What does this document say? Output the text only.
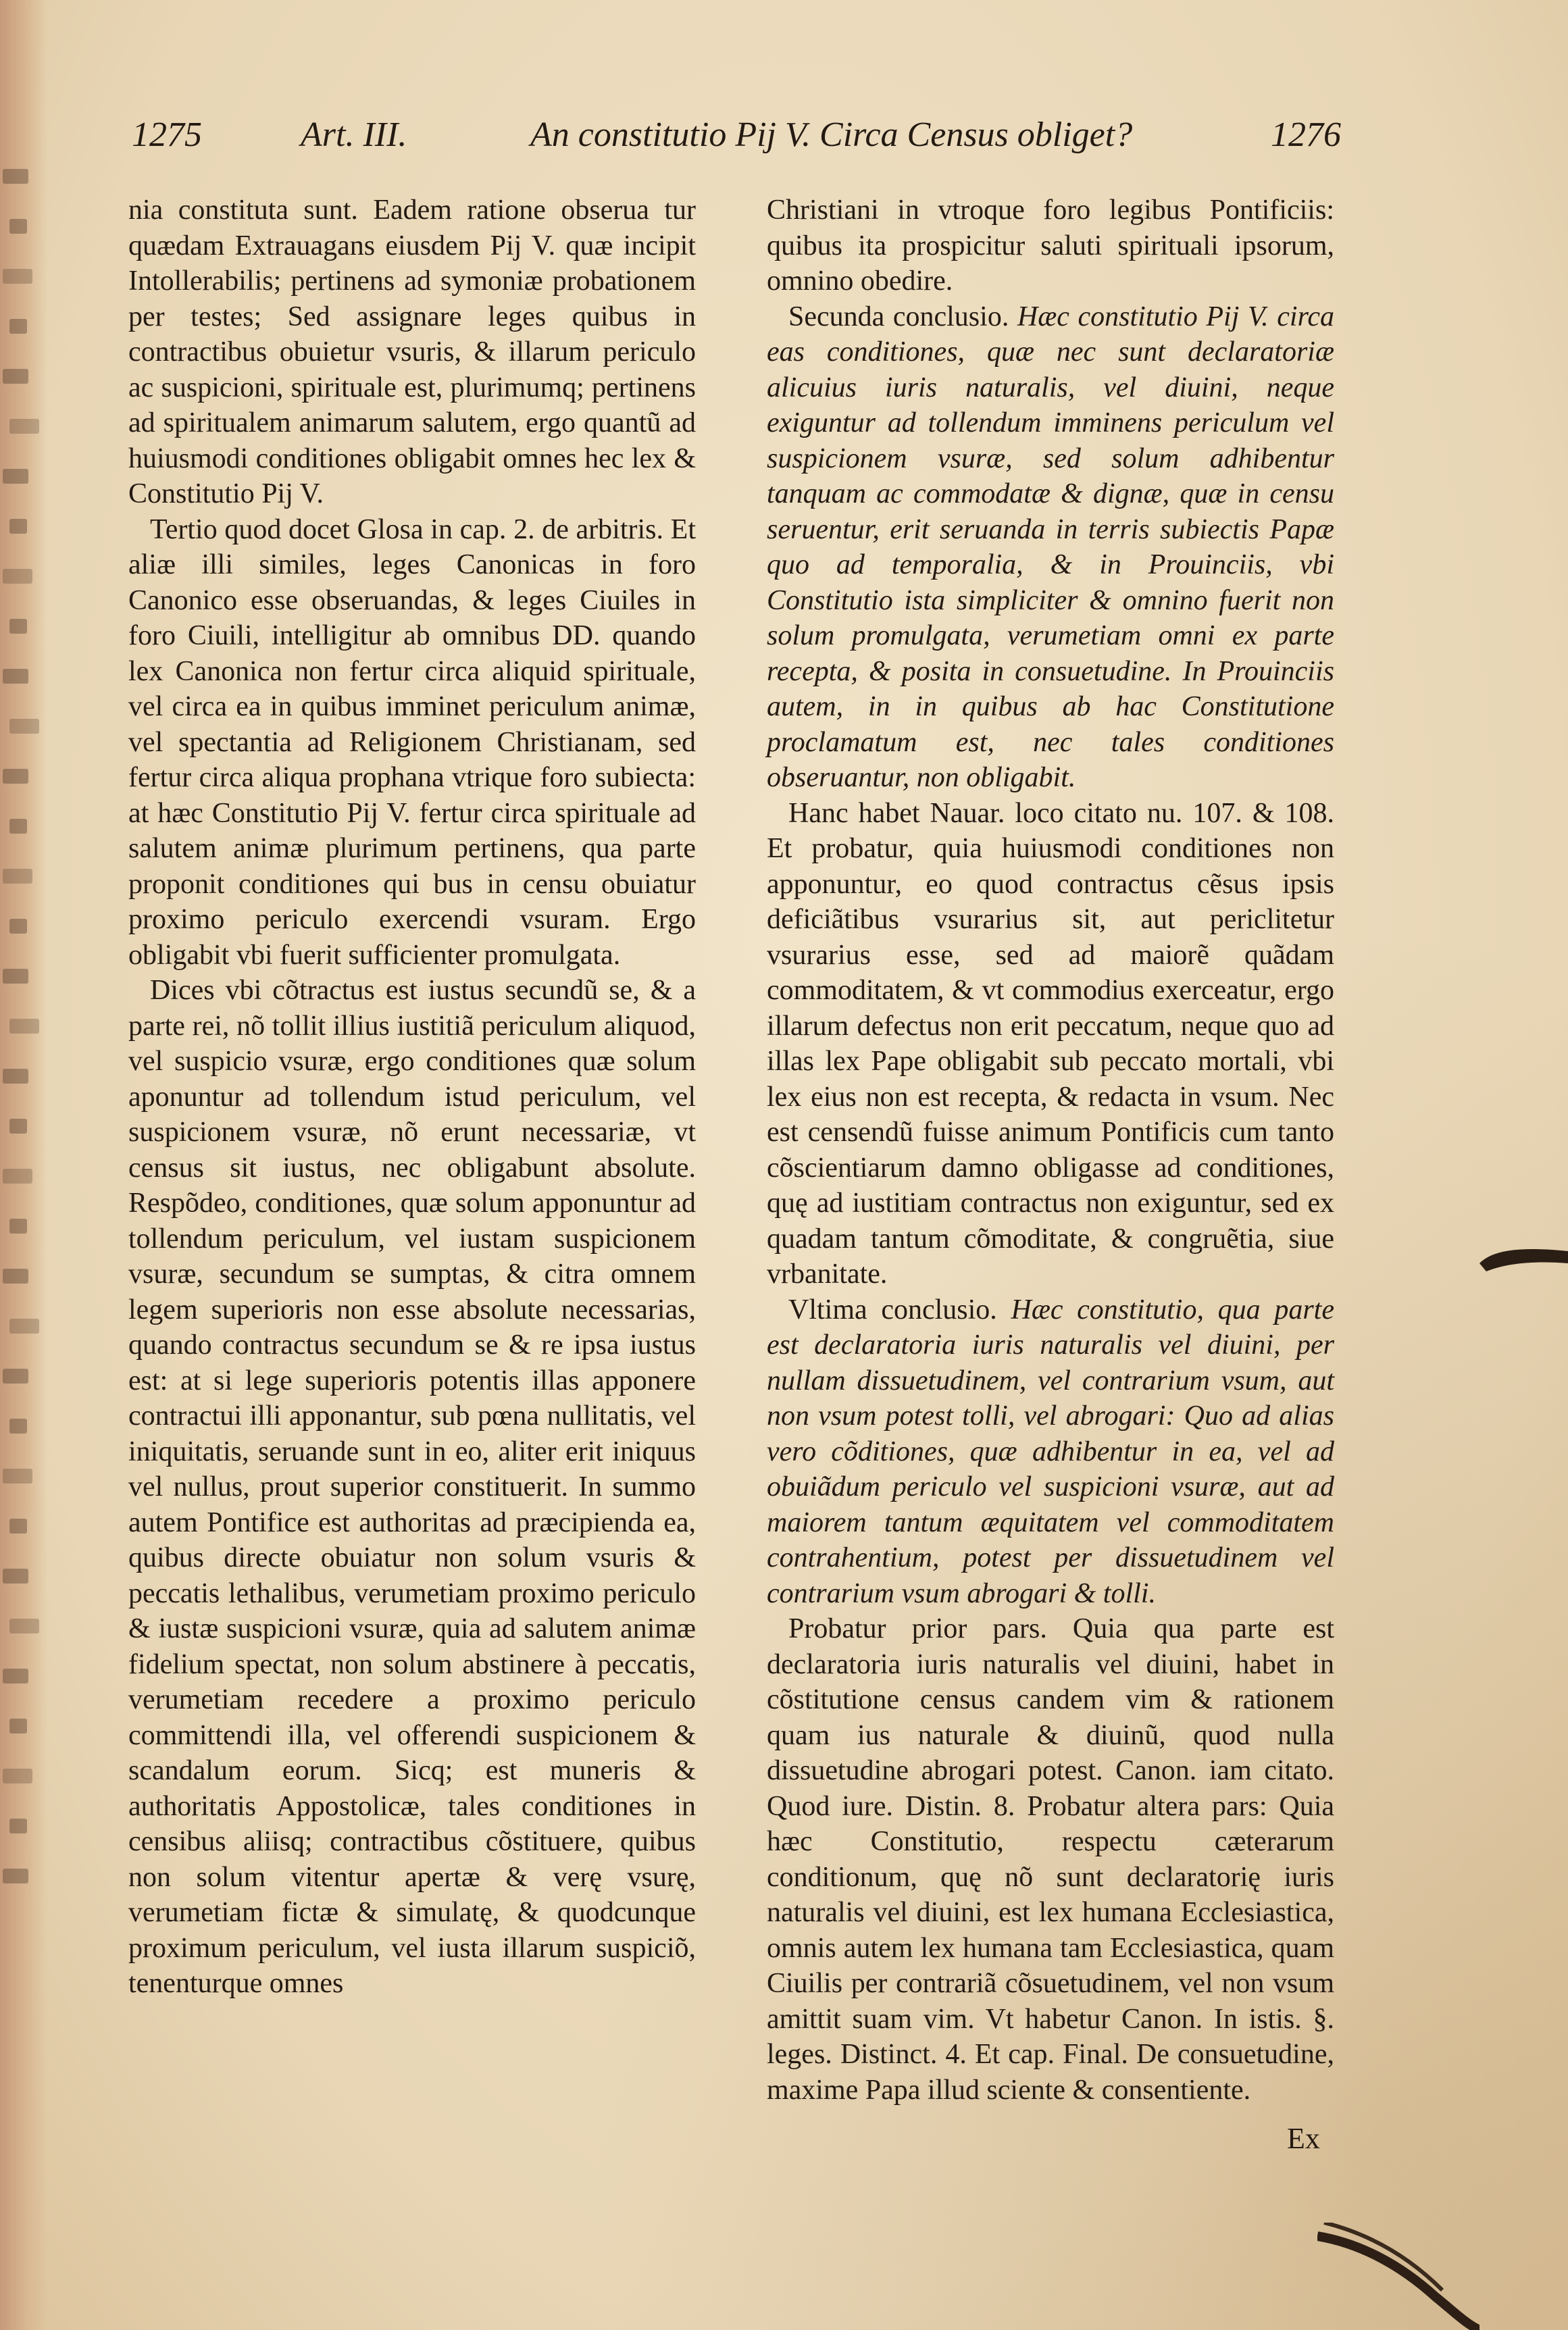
1275	Art. III.	An constitutio Pij V. Circa Census obliget?	1276

nia constituta sunt. Eadem ratione obserua tur quædam Extrauagans eiusdem Pij V. quæ incipit Intollerabilis; pertinens ad symoniæ probationem per testes; Sed assignare leges quibus in contractibus obuietur vsuris, & illarum periculo ac suspicioni, spirituale est, plurimumq; pertinens ad spiritualem animarum salutem, ergo quantũ ad huiusmodi conditiones obligabit omnes hec lex & Constitutio Pij V.

Tertio quod docet Glosa in cap. 2. de arbitris. Et aliæ illi similes, leges Canonicas in foro Canonico esse obseruandas, & leges Ciuiles in foro Ciuili, intelligitur ab omnibus DD. quando lex Canonica non fertur circa aliquid spirituale, vel circa ea in quibus imminet periculum animæ, vel spectantia ad Religionem Christianam, sed fertur circa aliqua prophana vtrique foro subiecta: at hæc Constitutio Pij V. fertur circa spirituale ad salutem animæ plurimum pertinens, qua parte proponit conditiones qui bus in censu obuiatur proximo periculo exercendi vsuram. Ergo obligabit vbi fuerit sufficienter promulgata.

Dices vbi cõtractus est iustus secundũ se, & a parte rei, nõ tollit illius iustitiã periculum aliquod, vel suspicio vsuræ, ergo conditiones quæ solum aponuntur ad tollendum istud periculum, vel suspicionem vsuræ, nõ erunt necessariæ, vt census sit iustus, nec obligabunt absolute. Respõdeo, conditiones, quæ solum apponuntur ad tollendum periculum, vel iustam suspicionem vsuræ, secundum se sumptas, & citra omnem legem superioris non esse absolute necessarias, quando contractus secundum se & re ipsa iustus est: at si lege superioris potentis illas apponere contractui illi apponantur, sub pœna nullitatis, vel iniquitatis, seruande sunt in eo, aliter erit iniquus vel nullus, prout superior constituerit. In summo autem Pontifice est authoritas ad præcipienda ea, quibus directe obuiatur non solum vsuris & peccatis lethalibus, verumetiam proximo periculo & iustæ suspicioni vsuræ, quia ad salutem animæ fidelium spectat, non solum abstinere à peccatis, verumetiam recedere a proximo periculo committendi illa, vel offerendi suspicionem & scandalum eorum. Sicq; est muneris & authoritatis Appostolicæ, tales conditiones in censibus aliisq; contractibus cõstituere, quibus non solum vitentur apertæ & verę vsurę, verumetiam fictæ & simulatę, & quodcunque proximum periculum, vel iusta illarum suspiciõ, tenenturque omnes

Christiani in vtroque foro legibus Pontificiis: quibus ita prospicitur saluti spirituali ipsorum, omnino obedire.

Secunda conclusio. Hæc constitutio Pij V. circa eas conditiones, quæ nec sunt declaratoriæ alicuius iuris naturalis, vel diuini, neque exiguntur ad tollendum imminens periculum vel suspicionem vsuræ, sed solum adhibentur tanquam ac commodatæ & dignæ, quæ in censu seruentur, erit seruanda in terris subiectis Papæ quo ad temporalia, & in Prouinciis, vbi Constitutio ista simpliciter & omnino fuerit non solum promulgata, verumetiam omni ex parte recepta, & posita in consuetudine. In Prouinciis autem, in in quibus ab hac Constitutione proclamatum est, nec tales conditiones obseruantur, non obligabit.

Hanc habet Nauar. loco citato nu. 107. & 108. Et probatur, quia huiusmodi conditiones non apponuntur, eo quod contractus cẽsus ipsis deficiãtibus vsurarius sit, aut periclitetur vsurarius esse, sed ad maiorẽ quãdam commoditatem, & vt commodius exerceatur, ergo illarum defectus non erit peccatum, neque quo ad illas lex Pape obligabit sub peccato mortali, vbi lex eius non est recepta, & redacta in vsum. Nec est censendũ fuisse animum Pontificis cum tanto cõscientiarum damno obligasse ad conditiones, quę ad iustitiam contractus non exiguntur, sed ex quadam tantum cõmoditate, & congruẽtia, siue vrbanitate.

Vltima conclusio. Hæc constitutio, qua parte est declaratoria iuris naturalis vel diuini, per nullam dissuetudinem, vel contrarium vsum, aut non vsum potest tolli, vel abrogari: Quo ad alias vero cõditiones, quæ adhibentur in ea, vel ad obuiãdum periculo vel suspicioni vsuræ, aut ad maiorem tantum æquitatem vel commoditatem contrahentium, potest per dissuetudinem vel contrarium vsum abrogari & tolli.

Probatur prior pars. Quia qua parte est declaratoria iuris naturalis vel diuini, habet in cõstitutione census candem vim & rationem quam ius naturale & diuinũ, quod nulla dissuetudine abrogari potest. Canon. iam citato. Quod iure. Distin. 8. Probatur altera pars: Quia hæc Constitutio, respectu cæterarum conditionum, quę nõ sunt declaratorię iuris naturalis vel diuini, est lex humana Ecclesiastica, omnis autem lex humana tam Ecclesiastica, quam Ciuilis per contrariã cõsuetudinem, vel non vsum amittit suam vim. Vt habetur Canon. In istis. §. leges. Distinct. 4. Et cap. Final. De consuetudine, maxime Papa illud sciente & consentiente.

Ex
